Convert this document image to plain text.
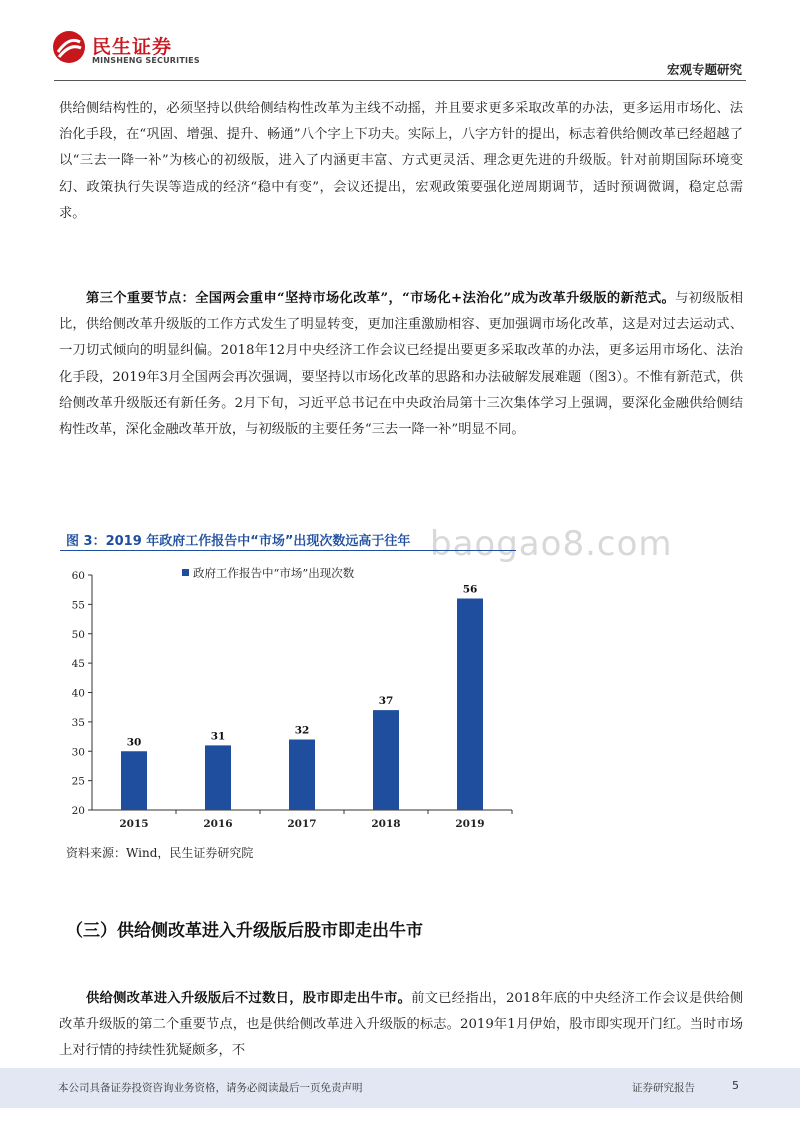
民生证券
MINSHENG SECURITIES
宏观专题研究
供给侧结构性的，必须坚持以供给侧结构性改革为主线不动摇，并且要求更多采取改革的办法，更多运用市场化、法治化手段，在“巩固、增强、提升、畅通”八个字上下功夫。实际上，八字方针的提出，标志着供给侧改革已经超越了以“三去一降一补”为核心的初级版，进入了内涵更丰富、方式更灵活、理念更先进的升级版。针对前期国际环境变幻、政策执行失误等造成的经济“稳中有变”，会议还提出，宏观政策要强化逆周期调节，适时预调微调，稳定总需求。
第三个重要节点：全国两会重申“坚持市场化改革”，“市场化+法治化”成为改革升级版的新范式。与初级版相比，供给侧改革升级版的工作方式发生了明显转变，更加注重激励相容、更加强调市场化改革，这是对过去运动式、一刀切式倾向的明显纠偏。2018年12月中央经济工作会议已经提出要更多采取改革的办法，更多运用市场化、法治化手段，2019年3月全国两会再次强调，要坚持以市场化改革的思路和办法破解发展难题（图3）。不惟有新范式，供给侧改革升级版还有新任务。2月下旬，习近平总书记在中央政治局第十三次集体学习上强调，要深化金融供给侧结构性改革，深化金融改革开放，与初级版的主要任务“三去一降一补”明显不同。
baogao8.com
图 3：2019 年政府工作报告中“市场”出现次数远高于往年
20
25
30
35
40
45
50
55
60
2015	2016	2017	2018	2019
30	31	32
37
56
政府工作报告中“市场”出现次数
资料来源：Wind，民生证券研究院
（三）供给侧改革进入升级版后股市即走出牛市
供给侧改革进入升级版后不过数日，股市即走出牛市。前文已经指出，2018年底的中央经济工作会议是供给侧改革升级版的第二个重要节点，也是供给侧改革进入升级版的标志。2019年1月伊始，股市即实现开门红。当时市场上对行情的持续性犹疑颇多，不
本公司具备证券投资咨询业务资格，请务必阅读最后一页免责声明	证券研究报告	5
